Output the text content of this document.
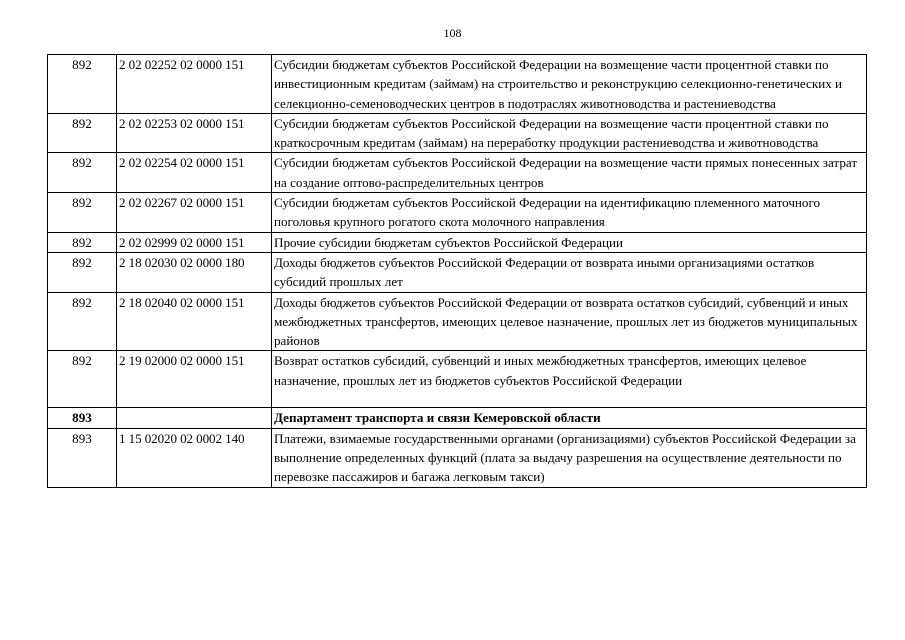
108
892	2 02 02252 02 0000 151	Субсидии бюджетам субъектов Российской Федерации на возмещение части процентной ставки по инвестиционным кредитам (займам) на строительство и реконструкцию селекционно-генетических и селекционно-семеноводческих центров в подотраслях животноводства и растениеводства
892	2 02 02253 02 0000 151	Субсидии бюджетам субъектов Российской Федерации на возмещение части процентной ставки по краткосрочным кредитам (займам) на переработку продукции растениеводства и животноводства
892	2 02 02254 02 0000 151	Субсидии бюджетам субъектов Российской Федерации на возмещение части прямых понесенных затрат на создание оптово-распределительных центров
892	2 02 02267 02 0000 151	Субсидии бюджетам субъектов Российской Федерации на идентификацию племенного маточного поголовья крупного рогатого скота молочного направления
892	2 02 02999 02 0000 151	Прочие субсидии бюджетам субъектов Российской Федерации
892	2 18 02030 02 0000 180	Доходы бюджетов субъектов Российской Федерации от возврата иными организациями остатков субсидий прошлых лет
892	2 18 02040 02 0000 151	Доходы бюджетов субъектов Российской Федерации от возврата остатков субсидий, субвенций и иных межбюджетных трансфертов, имеющих целевое назначение, прошлых лет из бюджетов муниципальных районов
892	2 19 02000 02 0000 151	Возврат остатков субсидий, субвенций и иных межбюджетных трансфертов, имеющих целевое назначение, прошлых лет из бюджетов субъектов Российской Федерации
893		Департамент транспорта и связи Кемеровской области
893	1 15 02020 02 0002 140	Платежи, взимаемые государственными органами (организациями) субъектов Российской Федерации за выполнение определенных функций (плата за выдачу разрешения на осуществление деятельности по перевозке пассажиров и багажа легковым такси)
